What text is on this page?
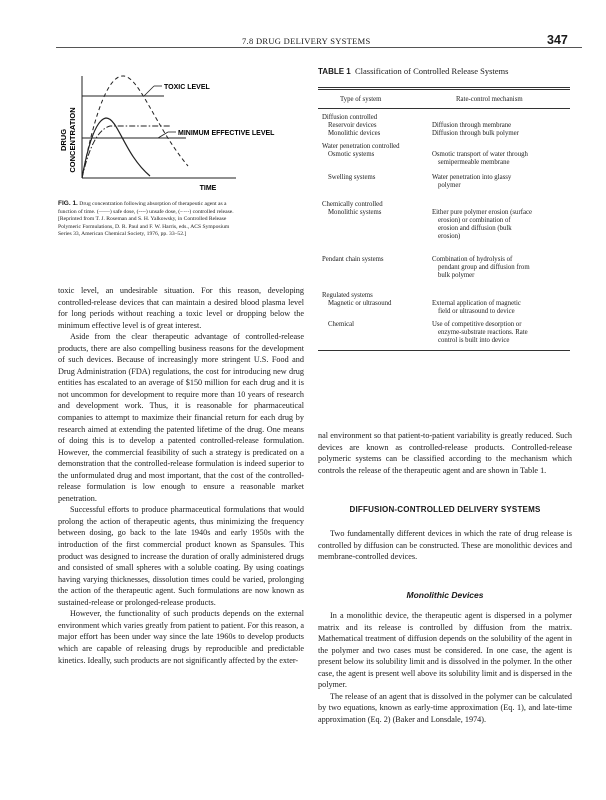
7.8 DRUG DELIVERY SYSTEMS	347
DRUG CONCENTRATION
TIME
TOXIC LEVEL
MINIMUM EFFECTIVE LEVEL
FIG. 1. Drug concentration following absorption of therapeutic agent as a
function of time. (——) safe dose, (----) unsafe dose, (-·-·-) controlled release.
[Reprinted from T. J. Roseman and S. H. Yalkowsky, in Controlled Release
Polymeric Formulations, D. R. Paul and F. W. Harris, eds., ACS Symposium
Series 33, American Chemical Society, 1976, pp. 33–52.]

toxic level, an undesirable situation. For this reason, developing controlled-release devices that can maintain a desired blood plasma level for long periods without reaching a toxic level or dropping below the minimum effective level is of great interest.

Aside from the clear therapeutic advantage of controlled-release products, there are also compelling business reasons for the development of such devices. Because of increasingly more stringent U.S. Food and Drug Administration (FDA) regulations, the cost for introducing new drug entities has escalated to an average of $150 million for each drug and it is not uncommon for development to require more than 10 years of research and development work. Thus, it is reasonable for pharmaceutical companies to attempt to maximize their financial return for each drug by research aimed at extending the patented lifetime of the drug. One means of doing this is to develop a patented controlled-release formulation. However, the commercial feasibility of such a strategy is predicated on a demonstration that the controlled-release formulation is indeed superior to the unformulated drug and most important, that the cost of the controlled-release formulation is low enough to ensure a reasonable market penetration.

Successful efforts to produce pharmaceutical formulations that would prolong the action of therapeutic agents, thus minimizing the frequency between dosing, go back to the late 1940s and early 1950s with the introduction of the first commercial product known as Spansules. This product was designed to increase the duration of orally administered drugs and consisted of small spheres with a soluble coating. By using coatings having varying thicknesses, dissolution times could be varied, prolonging the action of the therapeutic agent. Such formulations are now known as sustained-release or prolonged-release products.

However, the functionality of such products depends on the external environment which varies greatly from patient to patient. For this reason, a major effort has been under way since the late 1960s to develop products which are capable of releasing drugs by reproducible and predictable kinetics. Ideally, such products are not significantly affected by the exter-

TABLE 1 Classification of Controlled Release Systems
Type of system	Rate-control mechanism
Diffusion controlled
Reservoir devices	Diffusion through membrane
Monolithic devices	Diffusion through bulk polymer
Water penetration controlled
Osmotic systems	Osmotic transport of water through
semipermeable membrane
Swelling systems	Water penetration into glassy
polymer
Chemically controlled
Monolithic systems	Either pure polymer erosion (surface
erosion) or combination of
erosion and diffusion (bulk
erosion)
Pendant chain systems	Combination of hydrolysis of
pendant group and diffusion from
bulk polymer
Regulated systems
Magnetic or ultrasound	External application of magnetic
field or ultrasound to device
Chemical	Use of competitive desorption or
enzyme-substrate reactions. Rate
control is built into device

nal environment so that patient-to-patient variability is greatly reduced. Such devices are known as controlled-release products. Controlled-release polymeric systems can be classified according to the mechanism which controls the release of the therapeutic agent and are shown in Table 1.

DIFFUSION-CONTROLLED DELIVERY SYSTEMS

Two fundamentally different devices in which the rate of drug release is controlled by diffusion can be constructed. These are monolithic devices and membrane-controlled devices.

Monolithic Devices

In a monolithic device, the therapeutic agent is dispersed in a polymer matrix and its release is controlled by diffusion from the matrix. Mathematical treatment of diffusion depends on the solubility of the agent in the polymer and two cases must be considered. In one case, the agent is present below its solubility limit and is dissolved in the polymer. In the other case, the agent is present well above its solubility limit and is dispersed in the polymer.

The release of an agent that is dissolved in the polymer can be calculated by two equations, known as early-time approximation (Eq. 1), and late-time approximation (Eq. 2) (Baker and Lonsdale, 1974).
